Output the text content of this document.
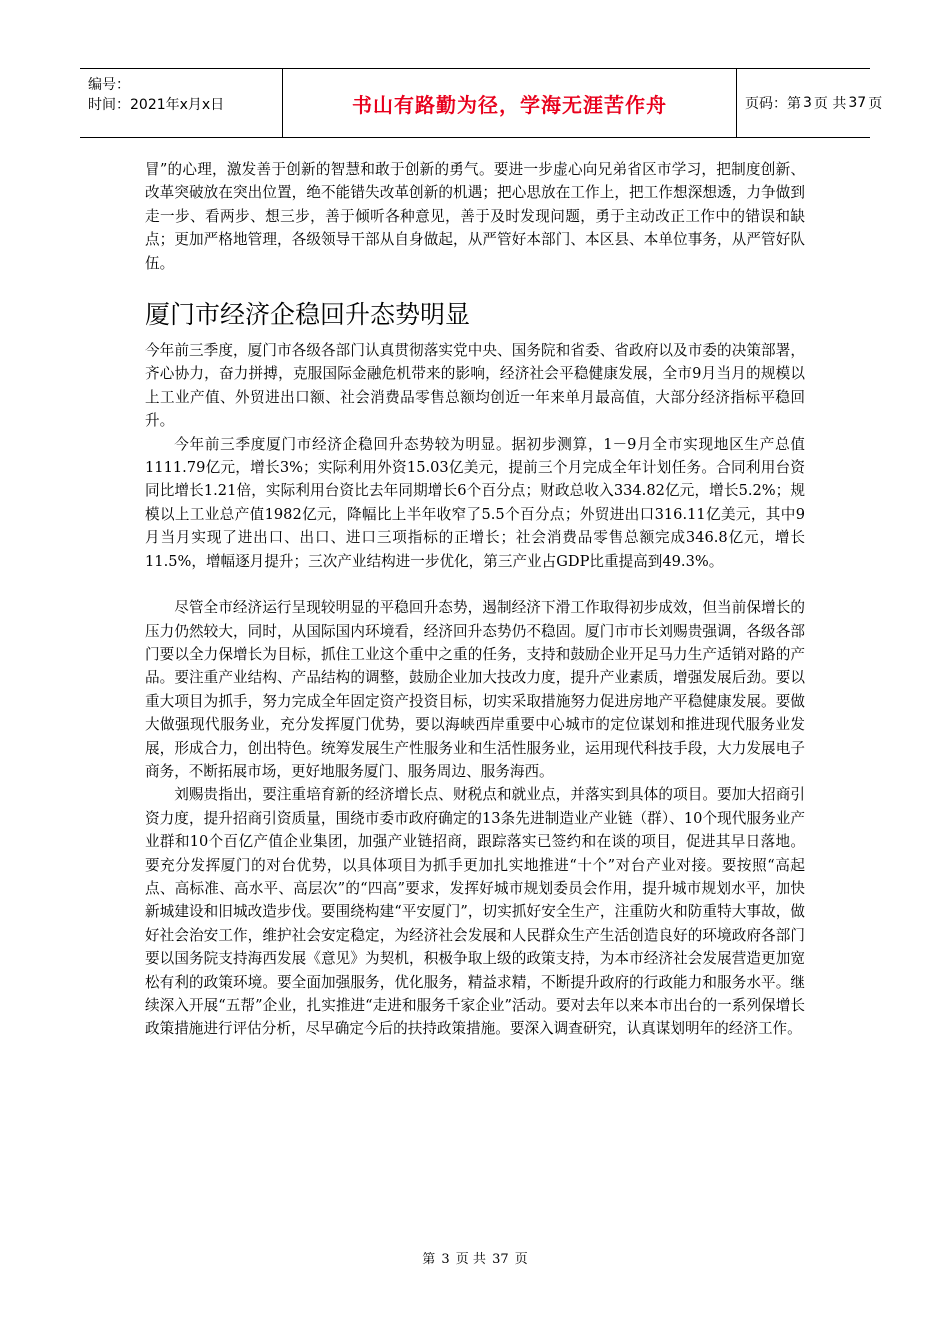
编号：
时间：2021年x月x日	书山有路勤为径，学海无涯苦作舟	页码：第 3 页 共 37 页

冒”的心理，激发善于创新的智慧和敢于创新的勇气。要进一步虚心向兄弟省区市学习，把制度创新、改革突破放在突出位置，绝不能错失改革创新的机遇；把心思放在工作上，把工作想深想透，力争做到走一步、看两步、想三步，善于倾听各种意见，善于及时发现问题，勇于主动改正工作中的错误和缺点；更加严格地管理，各级领导干部从自身做起，从严管好本部门、本区县、本单位事务，从严管好队伍。

厦门市经济企稳回升态势明显

今年前三季度，厦门市各级各部门认真贯彻落实党中央、国务院和省委、省政府以及市委的决策部署，齐心协力，奋力拼搏，克服国际金融危机带来的影响，经济社会平稳健康发展，全市9月当月的规模以上工业产值、外贸进出口额、社会消费品零售总额均创近一年来单月最高值，大部分经济指标平稳回升。

今年前三季度厦门市经济企稳回升态势较为明显。据初步测算，1－9月全市实现地区生产总值1111.79亿元，增长3%；实际利用外资15.03亿美元，提前三个月完成全年计划任务。合同利用台资同比增长1.21倍，实际利用台资比去年同期增长6个百分点；财政总收入334.82亿元，增长5.2%；规模以上工业总产值1982亿元，降幅比上半年收窄了5.5个百分点；外贸进出口316.11亿美元，其中9月当月实现了进出口、出口、进口三项指标的正增长；社会消费品零售总额完成346.8亿元，增长11.5%，增幅逐月提升；三次产业结构进一步优化，第三产业占GDP比重提高到49.3%。

尽管全市经济运行呈现较明显的平稳回升态势，遏制经济下滑工作取得初步成效，但当前保增长的压力仍然较大，同时，从国际国内环境看，经济回升态势仍不稳固。厦门市市长刘赐贵强调，各级各部门要以全力保增长为目标，抓住工业这个重中之重的任务，支持和鼓励企业开足马力生产适销对路的产品。要注重产业结构、产品结构的调整，鼓励企业加大技改力度，提升产业素质，增强发展后劲。要以重大项目为抓手，努力完成全年固定资产投资目标，切实采取措施努力促进房地产平稳健康发展。要做大做强现代服务业，充分发挥厦门优势，要以海峡西岸重要中心城市的定位谋划和推进现代服务业发展，形成合力，创出特色。统筹发展生产性服务业和生活性服务业，运用现代科技手段，大力发展电子商务，不断拓展市场，更好地服务厦门、服务周边、服务海西。

刘赐贵指出，要注重培育新的经济增长点、财税点和就业点，并落实到具体的项目。要加大招商引资力度，提升招商引资质量，围绕市委市政府确定的13条先进制造业产业链（群）、10个现代服务业产业群和10个百亿产值企业集团，加强产业链招商，跟踪落实已签约和在谈的项目，促进其早日落地。要充分发挥厦门的对台优势，以具体项目为抓手更加扎实地推进“十个”对台产业对接。要按照“高起点、高标准、高水平、高层次”的“四高”要求，发挥好城市规划委员会作用，提升城市规划水平，加快新城建设和旧城改造步伐。要围绕构建“平安厦门”，切实抓好安全生产，注重防火和防重特大事故，做好社会治安工作，维护社会安定稳定，为经济社会发展和人民群众生产生活创造良好的环境政府各部门要以国务院支持海西发展《意见》为契机，积极争取上级的政策支持，为本市经济社会发展营造更加宽松有利的政策环境。要全面加强服务，优化服务，精益求精，不断提升政府的行政能力和服务水平。继续深入开展“五帮”企业，扎实推进“走进和服务千家企业”活动。要对去年以来本市出台的一系列保增长政策措施进行评估分析，尽早确定今后的扶持政策措施。要深入调查研究，认真谋划明年的经济工作。

第 3 页 共 37 页
